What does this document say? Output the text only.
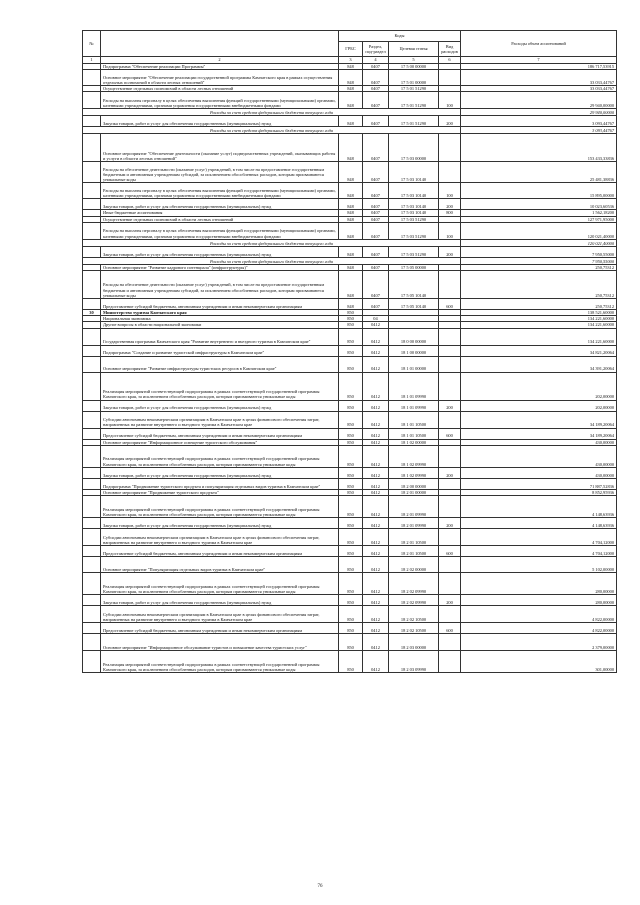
№		Коды				Расходы объем ассигнований
		ГРБС	Раздел, под-раздел	Целевая статья	Вид расходов	
1	2	3	4	5	6	7
	Подпрограмма "Обеспечение реализации Программы"	848	0407	17 5 00 00000		186 717,53915
	Основное мероприятие "Обеспечение реализации государственной программы Камчатского края в рамках осуществления отдельных полномочий в области лесных отношений"	848	0407	17 5 01 00000		33 033,44767
	Осуществление отдельных полномочий в области лесных отношений	848	0407	17 5 01 51290		33 033,44767
	Расходы на выплаты персоналу в целях обеспечения выполнения функций государственными (муниципальными) органами, казенными учреждениями, органами управления государственными внебюджетными фондами	848	0407	17 5 01 51290	100	29 940,00000
Расходы за счет средств федерального бюджета текущего года						29 940,00000
	Закупка товаров, работ и услуг для обеспечения государственных (муниципальных) нужд	848	0407	17 5 01 51290	200	3 093,44767
Расходы за счет средств федерального бюджета текущего года						3 093,44767
	Основное мероприятие "Обеспечение деятельности (оказание услуг) подведомственных учреждений, оказывающих работы и услуги в области лесных отношений"	848	0407	17 5 03 00000		153 433,33836
	Расходы на обеспечение деятельности (оказание услуг) учреждений, в том числе на предоставление государственным бюджетным и автономным учреждениям субсидий, за исключением обособленных расходов, которым присваиваются уникальные коды	848	0407	17 5 03 10140		25 481,38836
	Расходы на выплаты персоналу в целях обеспечения выполнения функций государственными (муниципальными) органами, казенными учреждениями, органами управления государственными внебюджетными фондами	848	0407	17 5 03 10140	100	15 895,00000
	Закупка товаров, работ и услуг для обеспечения государственных (муниципальных) нужд	848	0407	17 5 03 10140	200	10 023,60536
	Иные бюджетные ассигнования	848	0407	17 5 03 10140	800	1 562,18200
	Осуществление отдельных полномочий в области лесных отношений	848	0407	17 5 03 51290		127 971,95000
	Расходы на выплаты персоналу в целях обеспечения выполнения функций государственными (муниципальными) органами, казенными учреждениями, органами управления государственными внебюджетными фондами	848	0407	17 5 03 51290	100	120 021,40000
Расходы за счет средств федерального бюджета текущего года						120 021,40000
	Закупка товаров, работ и услуг для обеспечения государственных (муниципальных) нужд	848	0407	17 5 03 51290	200	7 950,55000
Расходы за счет средств федерального бюджета текущего года						7 950,55000
	Основное мероприятие "Развитие кадрового потенциала" (инфраструктуры)"	848	0407	17 5 05 00000		250,75312
	Расходы на обеспечение деятельности (оказание услуг) учреждений, в том числе на предоставление государственным бюджетным и автономным учреждениям субсидий, за исключением обособленных расходов, которым присваиваются уникальные коды	848	0407	17 5 05 10140		250,75312
	Предоставление субсидий бюджетным, автономным учреждениям и иным некоммерческим организациям	848	0407	17 5 05 10140	600	250,75312
30	Министерство туризма Камчатского края	850				138 521,60000
	Национальная экономика	850	04			134 221,60000
	Другие вопросы в области национальной экономики	850	0412			134 221,60000
	Государственная программа Камчатского края "Развитие внутреннего и въездного туризма в Камчатском крае"	850	0412	18 0 00 00000		134 221,60000
	Подпрограмма "Создание и развитие туристской инфраструктуры в Камчатском крае"	850	0412	18 1 00 00000		34 821,20064
	Основное мероприятие "Развитие инфраструктуры туристских ресурсов в Камчатском крае"	850	0412	18 1 01 00000		34 391,20064
	Реализация мероприятий соответствующей подпрограммы в рамках соответствующей государственной программы Камчатского края, за исключением обособленных расходов, которым присваиваются уникальные коды	850	0412	18 1 01 09990		202,00000
	Закупка товаров, работ и услуг для обеспечения государственных (муниципальных) нужд	850	0412	18 1 01 09990	200	202,00000
	Субсидии автономным некоммерческим организациям в Камчатском крае в целях финансового обеспечения затрат, направленных на развитие внутреннего и въездного туризма в Камчатском крае	850	0412	18 1 01 10500		34 189,20064
	Предоставление субсидий бюджетным, автономным учреждениям и иным некоммерческим организациям	850	0412	18 1 01 10500	600	34 189,20064
	Основное мероприятие "Информационное освещение туристского обслуживания"	850	0412	18 1 02 00000		430,00000
	Реализация мероприятий соответствующей подпрограммы в рамках соответствующей государственной программы Камчатского края, за исключением обособленных расходов, которым присваиваются уникальные коды	850	0412	18 1 02 09990		430,00000
	Закупка товаров, работ и услуг для обеспечения государственных (муниципальных) нужд	850	0412	18 1 02 09990	200	430,00000
	Подпрограмма "Продвижение туристского продукта и популяризация отдельных видов туризма в Камчатском крае"	850	0412	18 2 00 00000		71 887,52836
	Основное мероприятие "Продвижение туристского продукта"	850	0412	18 2 01 00000		8 852,95936
	Реализация мероприятий соответствующей подпрограммы в рамках соответствующей государственной программы Камчатского края, за исключением обособленных расходов, которым присваиваются уникальные коды	850	0412	18 2 01 09990		4 148,63936
	Закупка товаров, работ и услуг для обеспечения государственных (муниципальных) нужд	850	0412	18 2 01 09990	200	4 148,63936
	Субсидии автономным некоммерческим организациям в Камчатском крае в целях финансового обеспечения затрат, направленных на развитие внутреннего и въездного туризма в Камчатском крае	850	0412	18 2 01 10500		4 704,12000
	Предоставление субсидий бюджетным, автономным учреждениям и иным некоммерческим организациям	850	0412	18 2 01 10500	600	4 704,12000
	Основное мероприятие "Популяризация отдельных видов туризма в Камчатском крае"	850	0412	18 2 02 00000		5 102,00000
	Реализация мероприятий соответствующей подпрограммы в рамках соответствующей государственной программы Камчатского края, за исключением обособленных расходов, которым присваиваются уникальные коды	850	0412	18 2 02 09990		280,00000
	Закупка товаров, работ и услуг для обеспечения государственных (муниципальных) нужд	850	0412	18 2 02 09990	200	280,00000
	Субсидии автономным некоммерческим организациям в Камчатском крае в целях финансового обеспечения затрат, направленных на развитие внутреннего и въездного туризма в Камчатском крае	850	0412	18 2 02 10500		4 822,00000
	Предоставление субсидий бюджетным, автономным учреждениям и иным некоммерческим организациям	850	0412	18 2 02 10500	600	4 822,00000
	Основное мероприятие "Информационное обслуживание туристов и повышение качества туристских услуг"	850	0412	18 2 03 00000		2 379,00000
	Реализация мероприятий соответствующей подпрограммы в рамках соответствующей государственной программы Камчатского края, за исключением обособленных расходов, которым присваиваются уникальные коды	850	0412	18 2 03 09990		301,00000
76
